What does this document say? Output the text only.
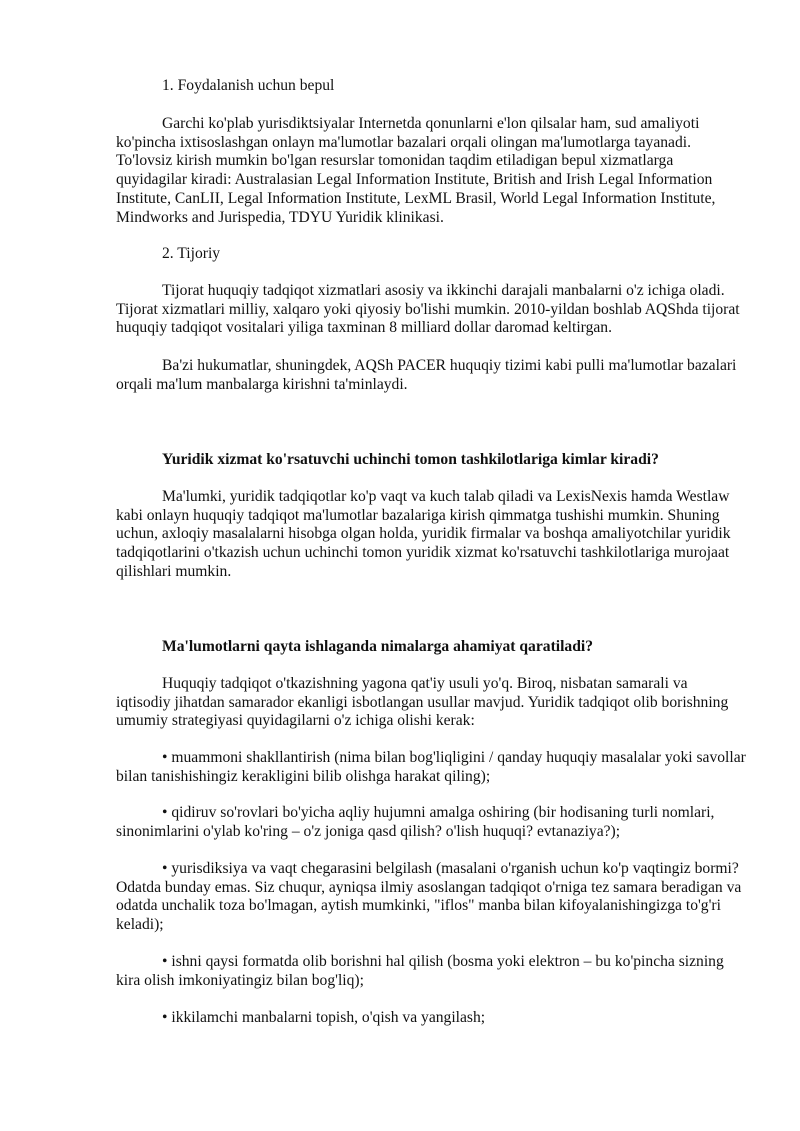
1. Foydalanish uchun bepul

Garchi ko'plab yurisdiktsiyalar Internetda qonunlarni e'lon qilsalar ham, sud amaliyoti ko'pincha ixtisoslashgan onlayn ma'lumotlar bazalari orqali olingan ma'lumotlarga tayanadi. To'lovsiz kirish mumkin bo'lgan resurslar tomonidan taqdim etiladigan bepul xizmatlarga quyidagilar kiradi: Australasian Legal Information Institute, British and Irish Legal Information Institute, CanLII, Legal Information Institute, LexML Brasil, World Legal Information Institute, Mindworks and Jurispedia, TDYU Yuridik klinikasi.

2. Tijoriy

Tijorat huquqiy tadqiqot xizmatlari asosiy va ikkinchi darajali manbalarni o'z ichiga oladi. Tijorat xizmatlari milliy, xalqaro yoki qiyosiy bo'lishi mumkin. 2010-yildan boshlab AQShda tijorat huquqiy tadqiqot vositalari yiliga taxminan 8 milliard dollar daromad keltirgan.

Ba'zi hukumatlar, shuningdek, AQSh PACER huquqiy tizimi kabi pulli ma'lumotlar bazalari orqali ma'lum manbalarga kirishni ta'minlaydi.

Yuridik xizmat ko'rsatuvchi uchinchi tomon tashkilotlariga kimlar kiradi?

Ma'lumki, yuridik tadqiqotlar ko'p vaqt va kuch talab qiladi va LexisNexis hamda Westlaw kabi onlayn huquqiy tadqiqot ma'lumotlar bazalariga kirish qimmatga tushishi mumkin. Shuning uchun, axloqiy masalalarni hisobga olgan holda, yuridik firmalar va boshqa amaliyotchilar yuridik tadqiqotlarini o'tkazish uchun uchinchi tomon yuridik xizmat ko'rsatuvchi tashkilotlariga murojaat qilishlari mumkin.

Ma'lumotlarni qayta ishlaganda nimalarga ahamiyat qaratiladi?

Huquqiy tadqiqot o'tkazishning yagona qat'iy usuli yo'q. Biroq, nisbatan samarali va iqtisodiy jihatdan samarador ekanligi isbotlangan usullar mavjud. Yuridik tadqiqot olib borishning umumiy strategiyasi quyidagilarni o'z ichiga olishi kerak:

• muammoni shakllantirish (nima bilan bog'liqligini / qanday huquqiy masalalar yoki savollar bilan tanishishingiz kerakligini bilib olishga harakat qiling);

• qidiruv so'rovlari bo'yicha aqliy hujumni amalga oshiring (bir hodisaning turli nomlari, sinonimlarini o'ylab ko'ring – o'z joniga qasd qilish? o'lish huquqi? evtanaziya?);

• yurisdiksiya va vaqt chegarasini belgilash (masalani o'rganish uchun ko'p vaqtingiz bormi? Odatda bunday emas. Siz chuqur, ayniqsa ilmiy asoslangan tadqiqot o'rniga tez samara beradigan va odatda unchalik toza bo'lmagan, aytish mumkinki, "iflos" manba bilan kifoyalanishingizga to'g'ri keladi);

• ishni qaysi formatda olib borishni hal qilish (bosma yoki elektron – bu ko'pincha sizning kira olish imkoniyatingiz bilan bog'liq);

• ikkilamchi manbalarni topish, o'qish va yangilash;
